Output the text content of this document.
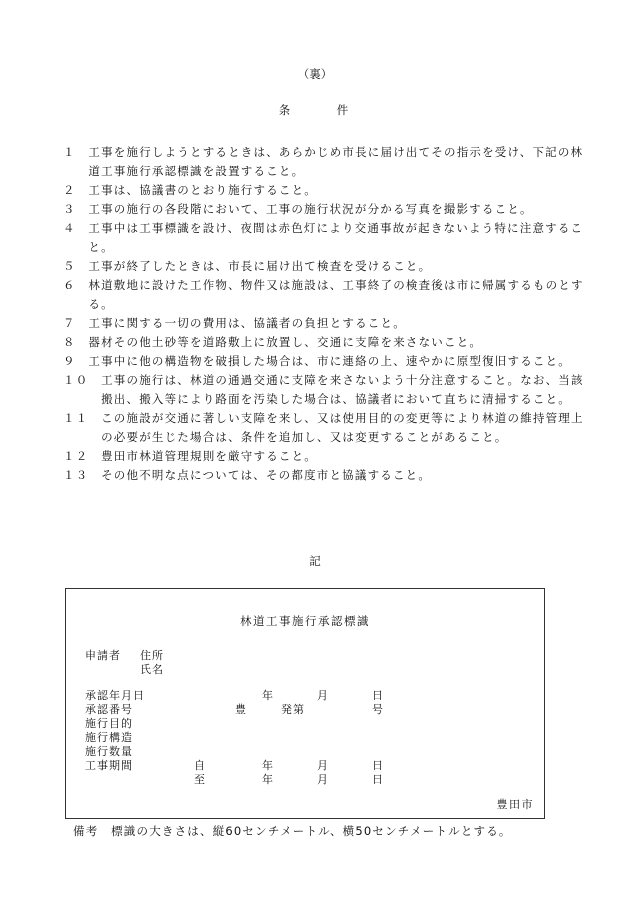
（裏）
条　　　件
１　 工事を施行しようとするときは、あらかじめ市長に届け出てその指示を受け、下記の林道工事施行承認標識を設置すること。
２　 工事は、協議書のとおり施行すること。
３　 工事の施行の各段階において、工事の施行状況が分かる写真を撮影すること。
４　 工事中は工事標識を設け、夜間は赤色灯により交通事故が起きないよう特に注意すること。
５　 工事が終了したときは、市長に届け出て検査を受けること。
６　 林道敷地に設けた工作物、物件又は施設は、工事終了の検査後は市に帰属するものとする。
７　 工事に関する一切の費用は、協議者の負担とすること。
８　 器材その他土砂等を道路敷上に放置し、交通に支障を来さないこと。
９　 工事中に他の構造物を破損した場合は、市に連絡の上、速やかに原型復旧すること。
１０　 工事の施行は、林道の通過交通に支障を来さないよう十分注意すること。なお、当該搬出、搬入等により路面を汚染した場合は、協議者において直ちに清掃すること。
１１　 この施設が交通に著しい支障を来し、又は使用目的の変更等により林道の維持管理上の必要が生じた場合は、条件を追加し、又は変更することがあること。
１２　 豊田市林道管理規則を厳守すること。
１３　 その他不明な点については、その都度市と協議すること。
記
林道工事施行承認標識
申請者 住所
氏名
承認年月日	年	月	日
承認番号	豊	発第	号
施行目的
施行構造
施行数量
工事期間	自	年	月	日
至	年	月	日
豊田市
備考　標識の大きさは、縦60センチメートル、横50センチメートルとする。
